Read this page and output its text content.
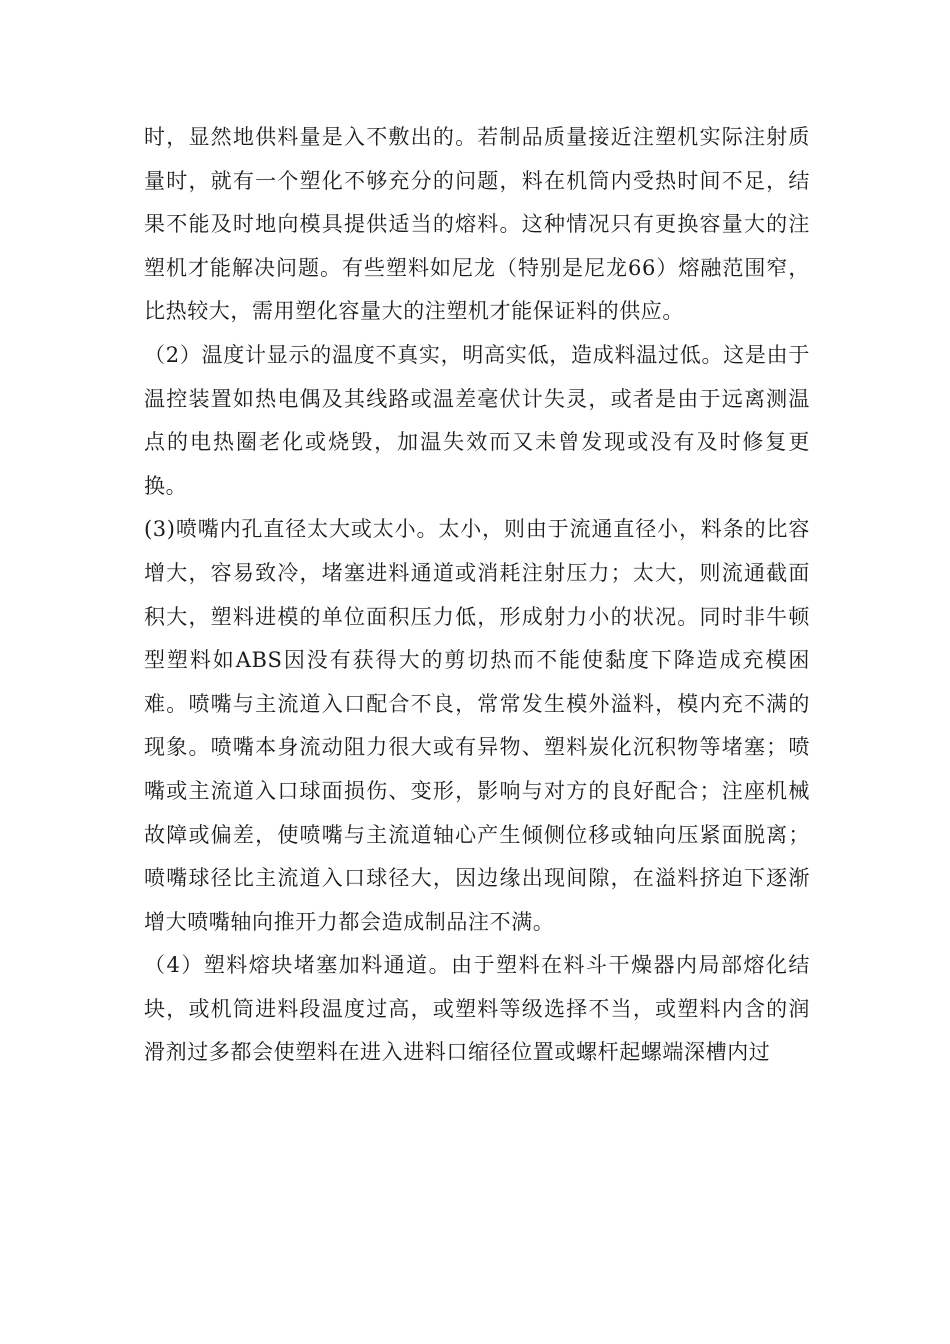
时，显然地供料量是入不敷出的。若制品质量接近注塑机实际注射质量时，就有一个塑化不够充分的问题，料在机筒内受热时间不足，结果不能及时地向模具提供适当的熔料。这种情况只有更换容量大的注塑机才能解决问题。有些塑料如尼龙（特别是尼龙66）熔融范围窄，比热较大，需用塑化容量大的注塑机才能保证料的供应。

（2）温度计显示的温度不真实，明高实低，造成料温过低。这是由于温控装置如热电偶及其线路或温差毫伏计失灵，或者是由于远离测温点的电热圈老化或烧毁，加温失效而又未曾发现或没有及时修复更换。

(3)喷嘴内孔直径太大或太小。太小，则由于流通直径小，料条的比容增大，容易致冷，堵塞进料通道或消耗注射压力；太大，则流通截面积大，塑料进模的单位面积压力低，形成射力小的状况。同时非牛顿型塑料如ABS因没有获得大的剪切热而不能使黏度下降造成充模困难。喷嘴与主流道入口配合不良，常常发生模外溢料，模内充不满的现象。喷嘴本身流动阻力很大或有异物、塑料炭化沉积物等堵塞；喷嘴或主流道入口球面损伤、变形，影响与对方的良好配合；注座机械故障或偏差，使喷嘴与主流道轴心产生倾侧位移或轴向压紧面脱离；喷嘴球径比主流道入口球径大，因边缘出现间隙，在溢料挤迫下逐渐增大喷嘴轴向推开力都会造成制品注不满。

（4）塑料熔块堵塞加料通道。由于塑料在料斗干燥器内局部熔化结块，或机筒进料段温度过高，或塑料等级选择不当，或塑料内含的润滑剂过多都会使塑料在进入进料口缩径位置或螺杆起螺端深槽内过
